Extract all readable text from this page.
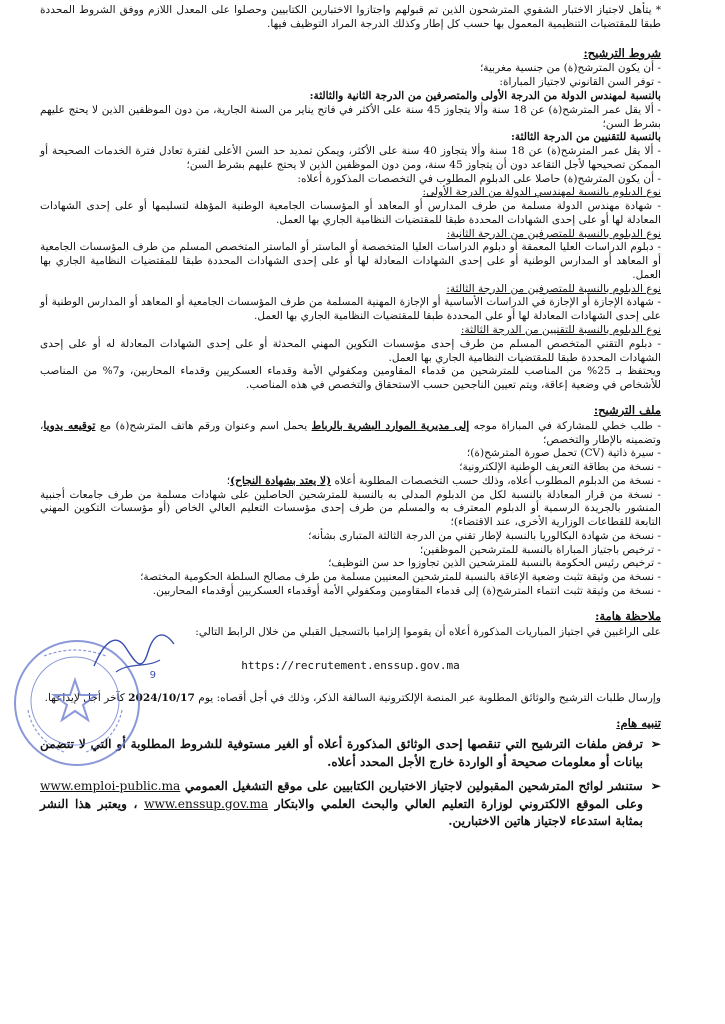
* يتأهل لاجتياز الاختبار الشفوي المترشحون الذين تم قبولهم واجتازوا الاختبارين الكتابيين وحصلوا على المعدل اللازم ووفق الشروط المحددة طبقا للمقتضيات التنظيمية المعمول بها حسب كل إطار وكذلك الدرجة المراد التوظيف فيها.

شروط الترشيح:

- أن يكون المترشح(ة) من جنسية مغربية؛

- توفر السن القانوني لاجتياز المباراة:

بالنسبة لمهندس الدولة من الدرجة الأولى والمتصرفين من الدرجة الثانية والثالثة:

- ألا يقل عمر المترشح(ة) عن 18 سنة وألا يتجاوز 45 سنة على الأكثر في فاتح يناير من السنة الجارية، من دون الموظفين الذين لا يحتج عليهم بشرط السن؛

بالنسبة للتقنيين من الدرجة الثالثة:

- ألا يقل عمر المترشح(ة) عن 18 سنة وألا يتجاوز 40 سنة على الأكثر، ويمكن تمديد حد السن الأعلى لفترة تعادل فترة الخدمات الصحيحة أو الممكن تصحيحها لأجل التقاعد دون أن يتجاوز 45 سنة، ومن دون الموظفين الذين لا يحتج عليهم بشرط السن؛

- أن يكون المترشح(ة) حاصلا على الدبلوم المطلوب في التخصصات المذكورة أعلاه:

نوع الدبلوم بالنسبة لمهندسي الدولة من الدرجة الأولى:

- شهادة مهندس الدولة مسلمة من طرف المدارس أو المعاهد أو المؤسسات الجامعية الوطنية المؤهلة لتسليمها أو على إحدى الشهادات المعادلة لها أو على إحدى الشهادات المحددة طبقا للمقتضيات النظامية الجاري بها العمل.

نوع الدبلوم بالنسبة للمتصرفين من الدرجة الثانية:

- دبلوم الدراسات العليا المعمقة أو دبلوم الدراسات العليا المتخصصة أو الماستر أو الماستر المتخصص المسلم من طرف المؤسسات الجامعية أو المعاهد أو المدارس الوطنية أو على إحدى الشهادات المعادلة لها أو على إحدى الشهادات المحددة طبقا للمقتضيات النظامية الجاري بها العمل.

نوع الدبلوم بالنسبة للمتصرفين من الدرجة الثالثة:

- شهادة الإجازة أو الإجازة في الدراسات الأساسية أو الإجازة المهنية المسلمة من طرف المؤسسات الجامعية أو المعاهد أو المدارس الوطنية أو على إحدى الشهادات المعادلة لها أو على المحددة طبقا للمقتضيات النظامية الجاري بها العمل.

نوع الدبلوم بالنسبة للتقنيين من الدرجة الثالثة:

- دبلوم التقني المتخصص المسلم من طرف إحدى مؤسسات التكوين المهني المحدثة أو على إحدى الشهادات المعادلة له أو على إحدى الشهادات المحددة طبقا للمقتضيات النظامية الجاري بها العمل.

ويحتفظ بـ 25% من المناصب للمترشحين من قدماء المقاومين ومكفولي الأمة وقدماء العسكريين وقدماء المحاربين، و7% من المناصب للأشخاص في وضعية إعاقة، ويتم تعيين الناجحين حسب الاستحقاق والتخصص في هذه المناصب.

ملف الترشيح:

- طلب خطي للمشاركة في المباراة موجه إلى مديرية الموارد البشرية بالرباط يحمل اسم وعنوان ورقم هاتف المترشح(ة) مع توقيعه يدويا، وتضمينه بالإطار والتخصص؛

- سيرة ذاتية (CV) تحمل صورة المترشح(ة)؛

- نسخة من بطاقة التعريف الوطنية الإلكترونية؛

- نسخة من الدبلوم المطلوب أعلاه، وذلك حسب التخصصات المطلوبة أعلاه (لا يعتد بشهادة النجاح)؛

- نسخة من قرار المعادلة بالنسبة لكل من الدبلوم المدلى به بالنسبة للمترشحين الحاصلين على شهادات مسلمة من طرف جامعات أجنبية المنشور بالجريدة الرسمية أو الدبلوم المعترف به والمسلم من طرف إحدى مؤسسات التعليم العالي الخاص (أو مؤسسات التكوين المهني التابعة للقطاعات الوزارية الأخرى، عند الاقتضاء)؛

- نسخة من شهادة البكالوريا بالنسبة لإطار تقني من الدرجة الثالثة المتبارى بشأنه؛

- ترخيص باجتياز المباراة بالنسبة للمترشحين الموظفين؛

- ترخيص رئيس الحكومة بالنسبة للمترشحين الذين تجاوزوا حد سن التوظيف؛

- نسخة من وثيقة تثبت وضعية الإعاقة بالنسبة للمترشحين المعنيين مسلمة من طرف مصالح السلطة الحكومية المختصة؛

- نسخة من وثيقة تثبت انتماء المترشح(ة) إلى قدماء المقاومين ومكفولي الأمة أوقدماء العسكريين أوقدماء المحاربين.

ملاحظة هامة:

على الراغبين في اجتياز المباريات المذكورة أعلاه أن يقوموا إلزاميا بالتسجيل القبلي من خلال الرابط التالي:

https://recrutement.enssup.gov.ma

وإرسال طلبات الترشيح والوثائق المطلوبة عبر المنصة الإلكترونية السالفة الذكر، وذلك في أجل أقصاه: يوم 2024/10/17 كآخر أجل لإيداعها.

تنبيه هام:

➢
ترفض ملفات الترشيح التي تنقصها إحدى الوثائق المذكورة أعلاه أو الغير مستوفية للشروط المطلوبة أو التي لا تتضمن بيانات أو معلومات صحيحة أو الواردة خارج الأجل المحدد أعلاه.
➢
ستنشر لوائح المترشحين المقبولين لاجتياز الاختبارين الكتابيين على موقع التشغيل العمومي www.emploi-public.ma وعلى الموقع الالكتروني لوزارة التعليم العالي والبحث العلمي والابتكار www.enssup.gov.ma ، ويعتبر هذا النشر بمثابة استدعاء لاجتياز هاتين الاختبارين.
9
